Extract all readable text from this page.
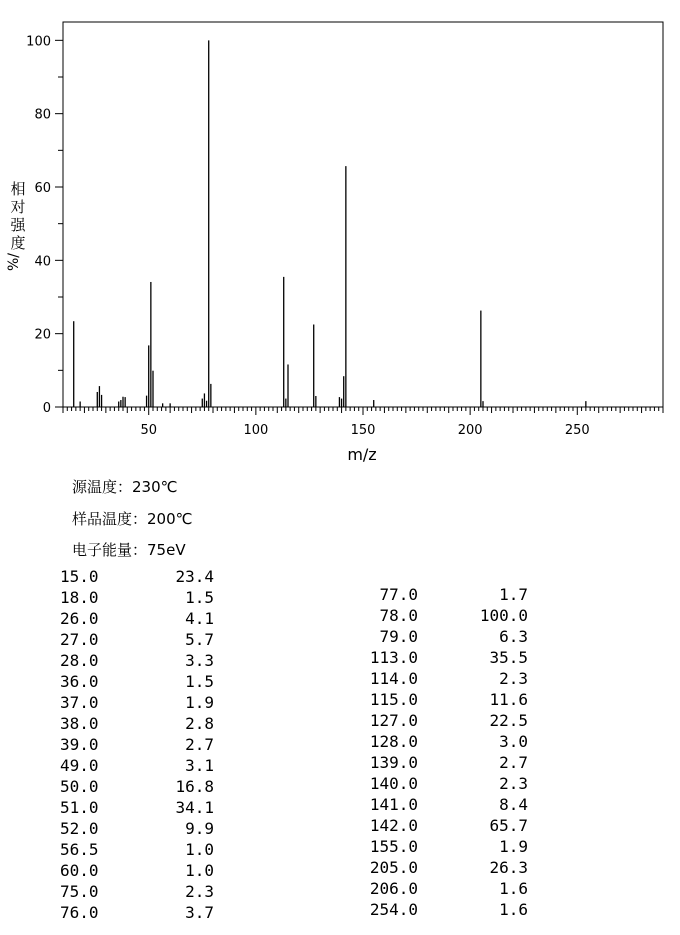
0
20
40
60
80
100
50	100	150	200	250
m/z
相对强度
%/
源温度：230℃
样品温度：200℃
电子能量：75eV
15.0	23.4
18.0	1.5
26.0	4.1
27.0	5.7
28.0	3.3
36.0	1.5
37.0	1.9
38.0	2.8
39.0	2.7
49.0	3.1
50.0	16.8
51.0	34.1
52.0	9.9
56.5	1.0
60.0	1.0
75.0	2.3
76.0	3.7
77.0	1.7
78.0	100.0
79.0	6.3
113.0	35.5
114.0	2.3
115.0	11.6
127.0	22.5
128.0	3.0
139.0	2.7
140.0	2.3
141.0	8.4
142.0	65.7
155.0	1.9
205.0	26.3
206.0	1.6
254.0	1.6
